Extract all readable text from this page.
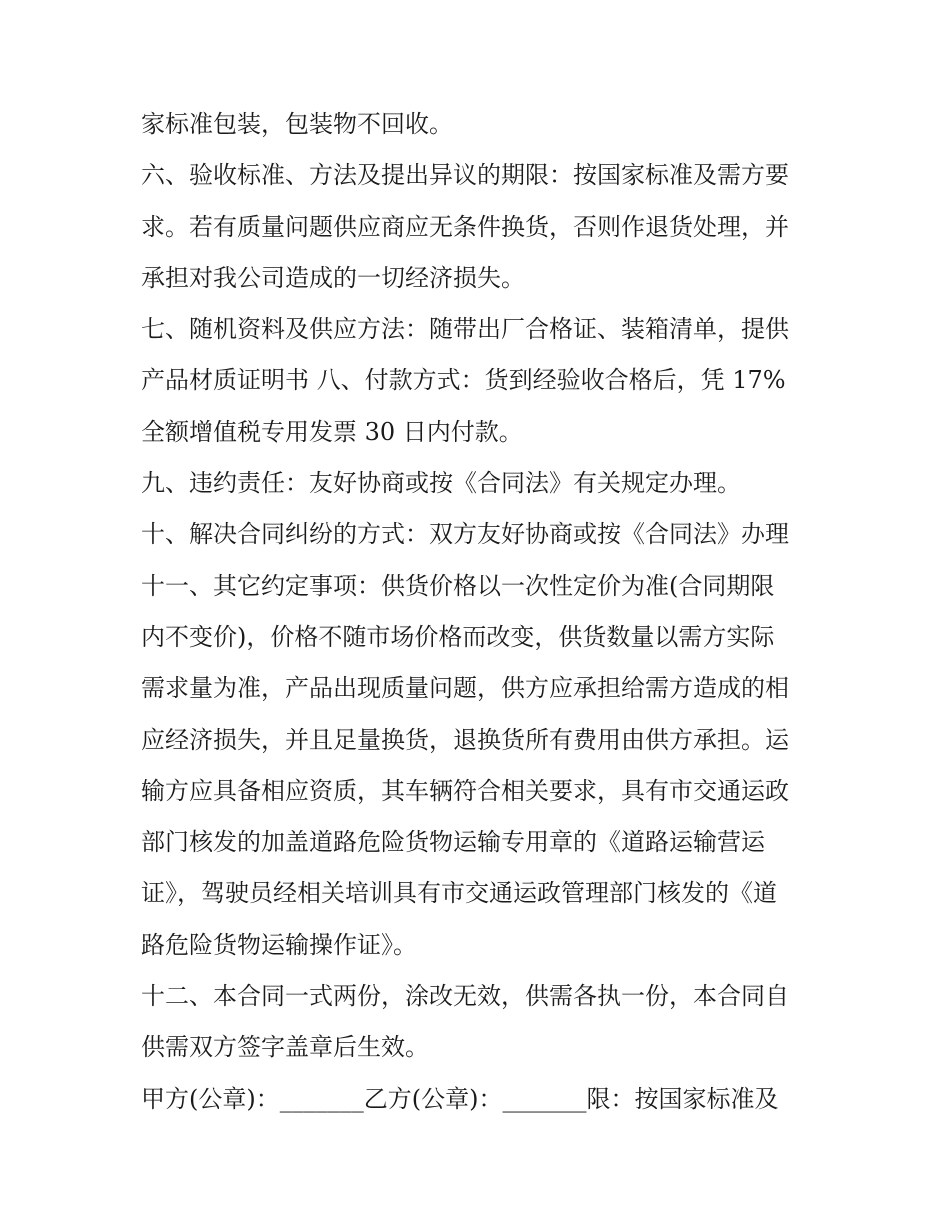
家标准包装，包装物不回收。
六、验收标准、方法及提出异议的期限：按国家标准及需方要
求。若有质量问题供应商应无条件换货，否则作退货处理，并
承担对我公司造成的一切经济损失。
七、随机资料及供应方法：随带出厂合格证、装箱清单，提供
产品材质证明书 八、付款方式：货到经验收合格后，凭 17%
全额增值税专用发票 30 日内付款。
九、违约责任：友好协商或按《合同法》有关规定办理。
十、解决合同纠纷的方式：双方友好协商或按《合同法》办理
十一、其它约定事项：供货价格以一次性定价为准(合同期限
内不变价)，价格不随市场价格而改变，供货数量以需方实际
需求量为准，产品出现质量问题，供方应承担给需方造成的相
应经济损失，并且足量换货，退换货所有费用由供方承担。运
输方应具备相应资质，其车辆符合相关要求，具有市交通运政
部门核发的加盖道路危险货物运输专用章的《道路运输营运
证》，驾驶员经相关培训具有市交通运政管理部门核发的《道
路危险货物运输操作证》。
十二、本合同一式两份，涂改无效，供需各执一份，本合同自
供需双方签字盖章后生效。
甲方(公章)：_______乙方(公章)：_______限：按国家标准及
